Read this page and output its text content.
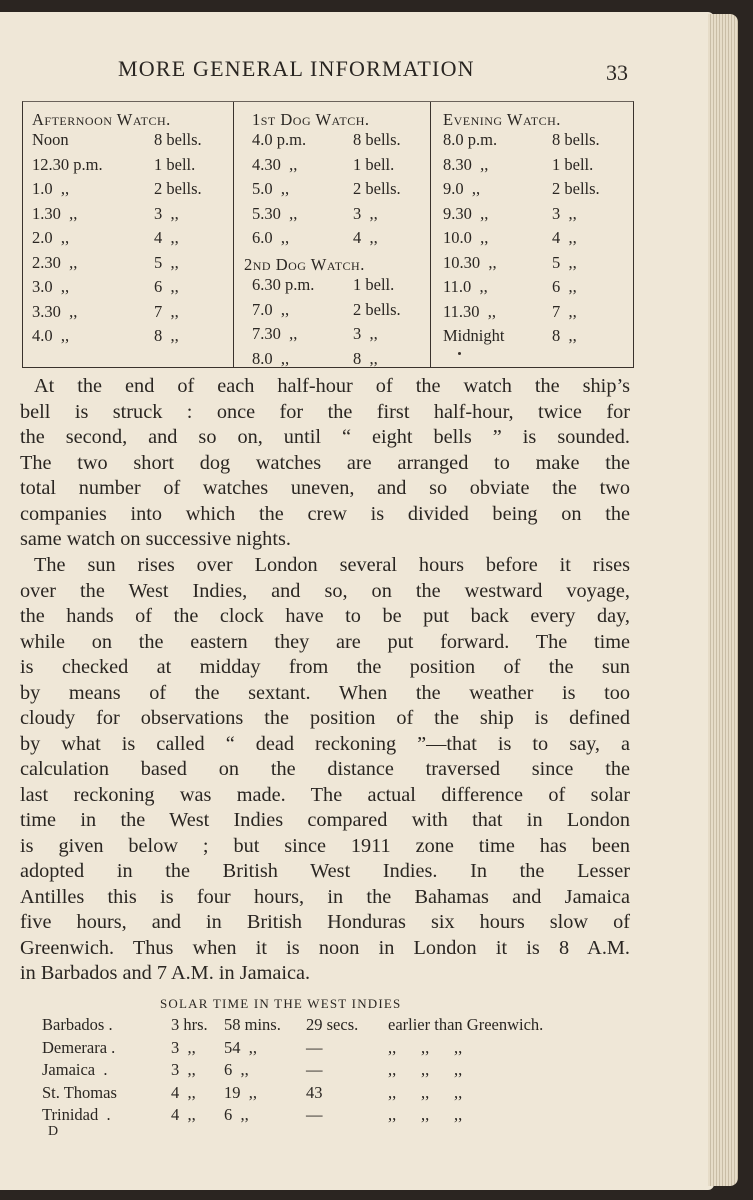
MORE GENERAL INFORMATION	33
Afternoon Watch.
Noon	8 bells.
12.30 p.m.	1 bell.
1.0  ,,	2 bells.
1.30  ,,	3  ,,
2.0  ,,	4  ,,
2.30  ,,	5  ,,
3.0  ,,	6  ,,
3.30  ,,	7  ,,
4.0  ,,	8  ,,
1st Dog Watch.
4.0 p.m.	8 bells.
4.30  ,,	1 bell.
5.0  ,,	2 bells.
5.30  ,,	3  ,,
6.0  ,,	4  ,,
2nd Dog Watch.
6.30 p.m. 1 bell.
7.0  ,,	2 bells.
7.30  ,,	3  ,,
8.0  ,,	8  ,,
Evening Watch.
8.0 p.m.	8 bells.
8.30  ,,	1 bell.
9.0  ,,	2 bells.
9.30  ,,	3  ,,
10.0  ,,	4  ,,
10.30  ,,	5  ,,
11.0  ,,	6  ,,
11.30  ,,	7  ,,
Midnight	8  ,,
At the end of each half-hour of the watch the ship’s
bell is struck : once for the first half-hour, twice for
the second, and so on, until “ eight bells ” is sounded.
The two short dog watches are arranged to make the
total number of watches uneven, and so obviate the two
companies into which the crew is divided being on the
same watch on successive nights.
The sun rises over London several hours before it rises
over the West Indies, and so, on the westward voyage,
the hands of the clock have to be put back every day,
while on the eastern they are put forward. The time
is checked at midday from the position of the sun
by means of the sextant. When the weather is too
cloudy for observations the position of the ship is defined
by what is called “ dead reckoning ”—that is to say, a
calculation based on the distance traversed since the
last reckoning was made. The actual difference of solar
time in the West Indies compared with that in London
is given below ; but since 1911 zone time has been
adopted in the British West Indies. In the Lesser
Antilles this is four hours, in the Bahamas and Jamaica
five hours, and in British Honduras six hours slow of
Greenwich. Thus when it is noon in London it is 8 A.M.
in Barbados and 7 A.M. in Jamaica.
SOLAR TIME IN THE WEST INDIES
Barbados .	3 hrs. 58 mins. 29 secs. earlier than Greenwich.
Demerara .	3  ,, 54  ,,	—	,,      ,,      ,,
Jamaica  .	3  ,, 6  ,,	—	,,      ,,      ,,
St. Thomas	4  ,, 19  ,,	43	,,      ,,      ,,
Trinidad  .	4  ,, 6  ,,	—	,,      ,,      ,,
D
